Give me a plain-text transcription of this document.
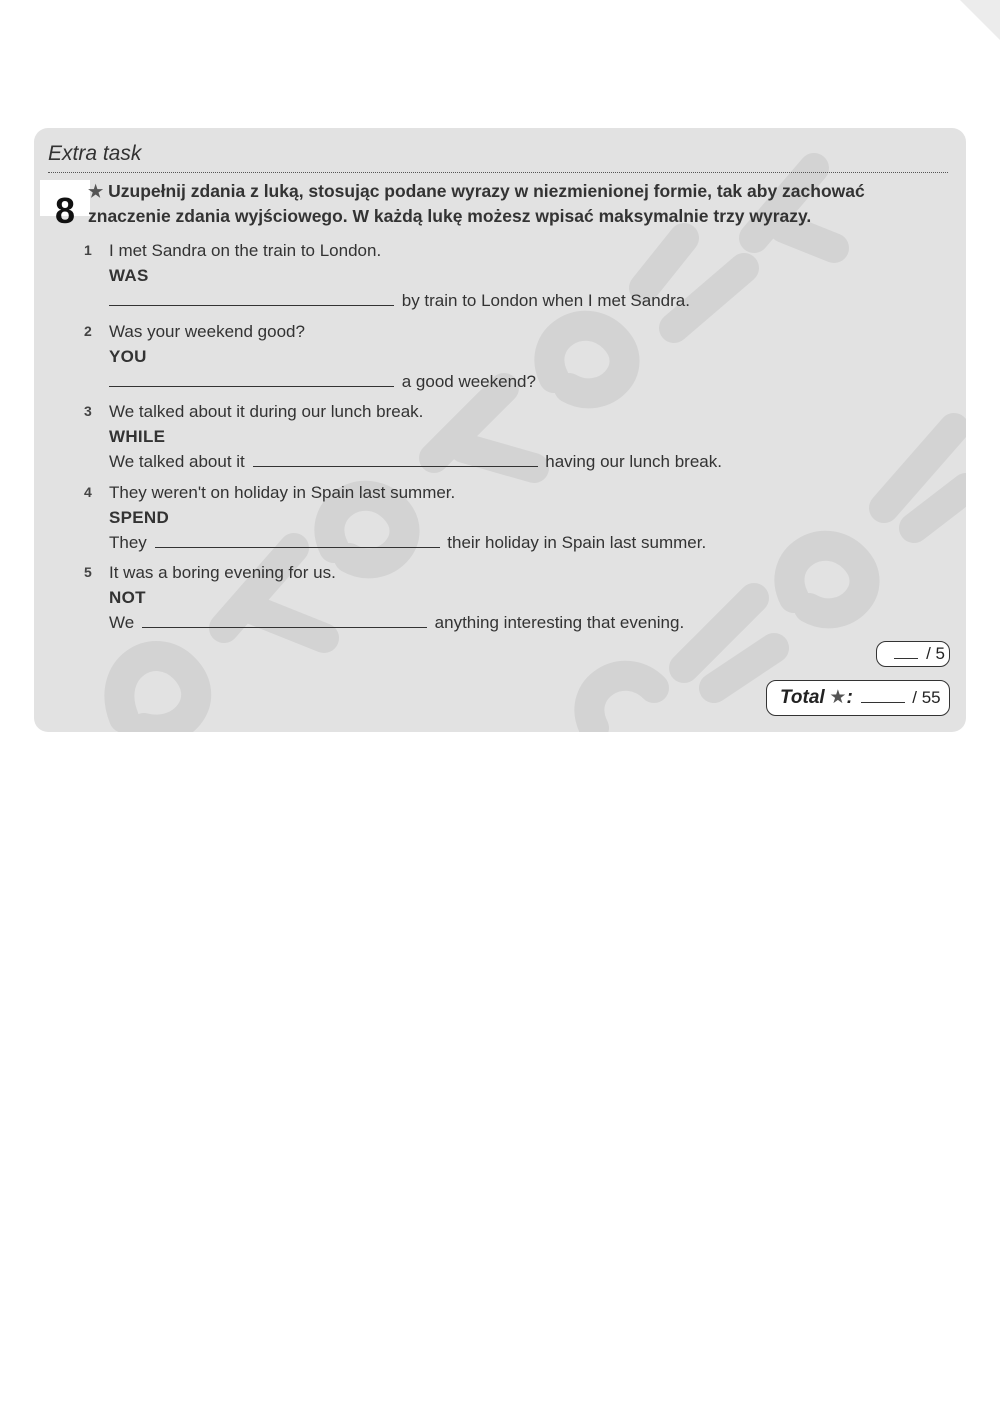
Extra task
8 ★ Uzupełnij zdania z luką, stosując podane wyrazy w niezmienionej formie, tak aby zachować znaczenie zdania wyjściowego. W każdą lukę możesz wpisać maksymalnie trzy wyrazy.
1	I met Sandra on the train to London.
WAS
by train to London when I met Sandra.
2	Was your weekend good?
YOU
a good weekend?
3	We talked about it during our lunch break.
WHILE
We talked about it	having our lunch break.
4	They weren't on holiday in Spain last summer.
SPEND
They	their holiday in Spain last summer.
5	It was a boring evening for us.
NOT
We	anything interesting that evening.
/ 5
Total ★:	/ 55
